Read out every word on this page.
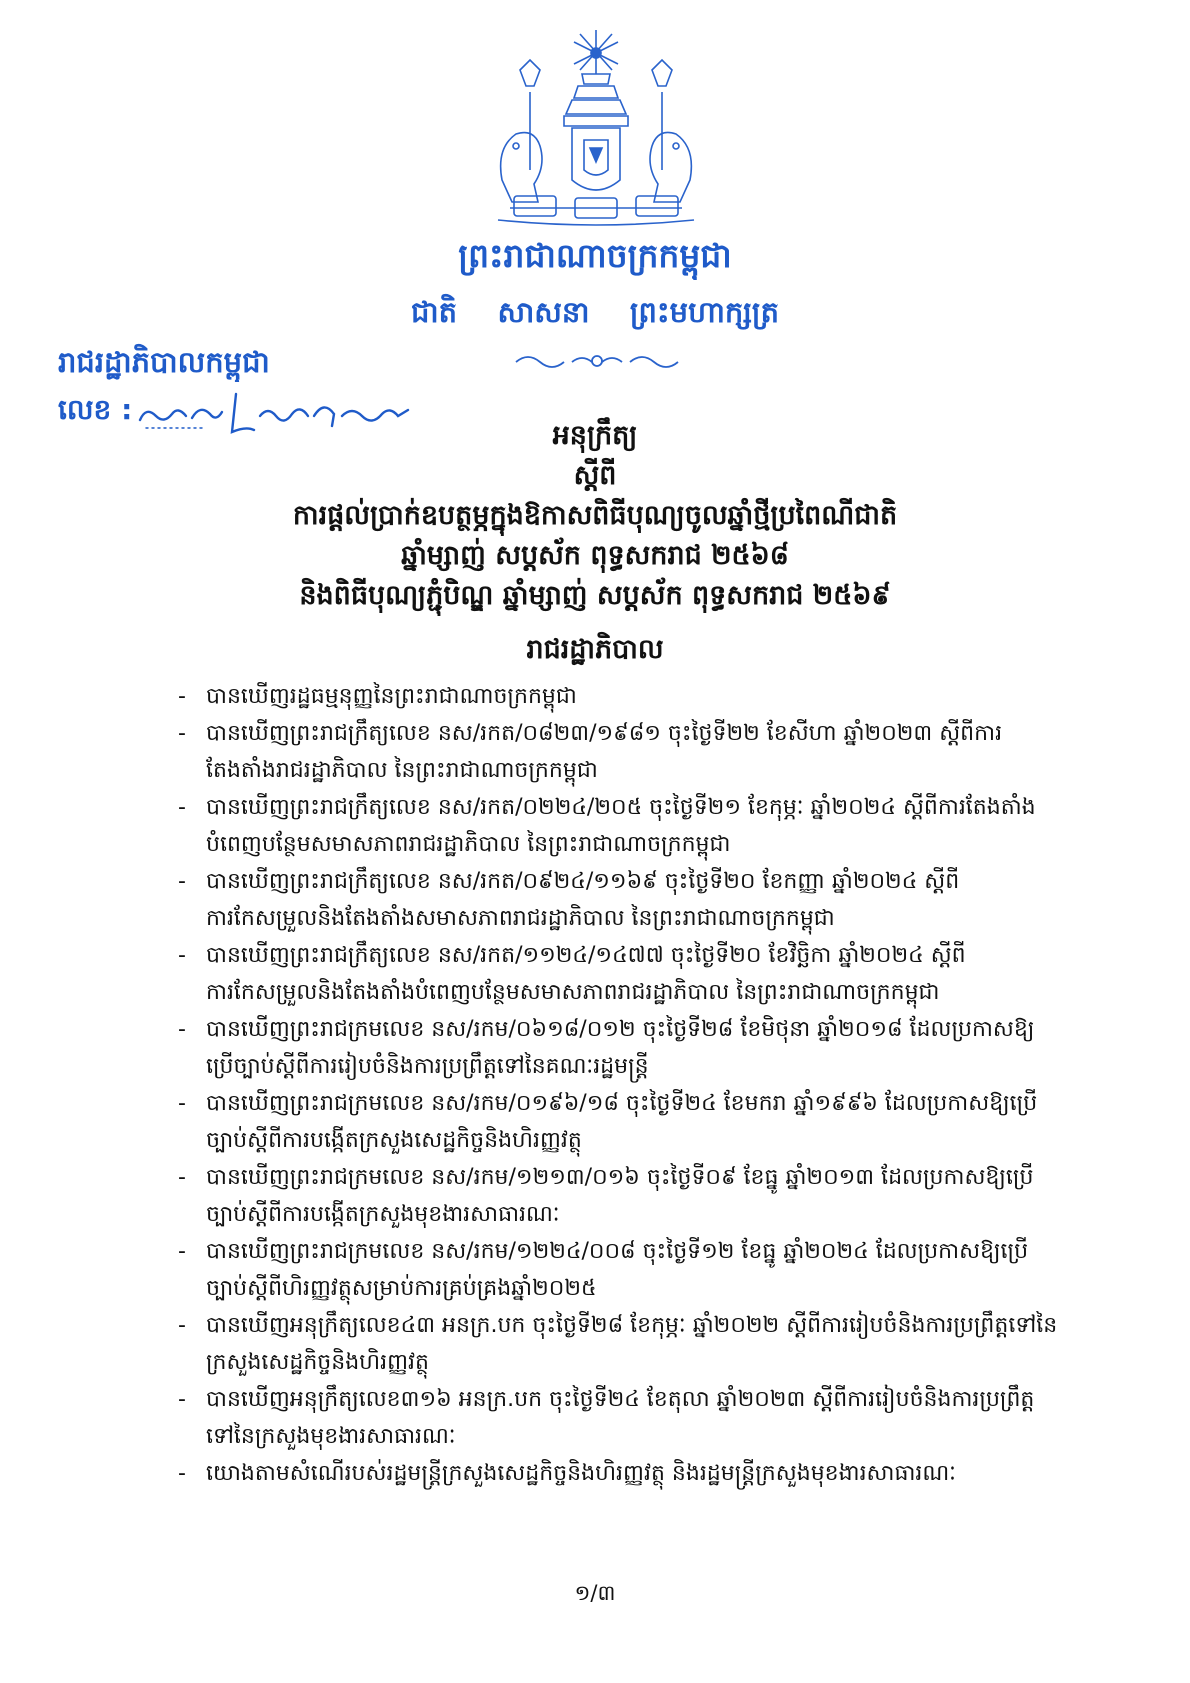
ព្រះរាជាណាចក្រកម្ពុជា
ជាតិ សាសនា ព្រះមហាក្សត្រ
រាជរដ្ឋាភិបាលកម្ពុជា
លេខ :
អនុក្រឹត្យ
ស្តីពី
ការផ្តល់ប្រាក់ឧបត្ថម្ភក្នុងឱកាសពិធីបុណ្យចូលឆ្នាំថ្មីប្រពៃណីជាតិ
ឆ្នាំម្សាញ់ សប្តស័ក ពុទ្ធសករាជ ២៥៦៨
និងពិធីបុណ្យភ្ជុំបិណ្ឌ ឆ្នាំម្សាញ់ សប្តស័ក ពុទ្ធសករាជ ២៥៦៩
រាជរដ្ឋាភិបាល
- បានឃើញរដ្ឋធម្មនុញ្ញនៃព្រះរាជាណាចក្រកម្ពុជា
- បានឃើញព្រះរាជក្រឹត្យលេខ នស/រកត/០៨២៣/១៩៨១ ចុះថ្ងៃទី២២ ខែសីហា ឆ្នាំ២០២៣ ស្តីពីការតែងតាំងរាជរដ្ឋាភិបាល នៃព្រះរាជាណាចក្រកម្ពុជា
- បានឃើញព្រះរាជក្រឹត្យលេខ នស/រកត/០២២៤/២០៥ ចុះថ្ងៃទី២១ ខែកុម្ភៈ ឆ្នាំ២០២៤ ស្តីពីការតែងតាំងបំពេញបន្ថែមសមាសភាពរាជរដ្ឋាភិបាល នៃព្រះរាជាណាចក្រកម្ពុជា
- បានឃើញព្រះរាជក្រឹត្យលេខ នស/រកត/០៩២៤/១១៦៩ ចុះថ្ងៃទី២០ ខែកញ្ញា ឆ្នាំ២០២៤ ស្តីពីការកែសម្រួលនិងតែងតាំងសមាសភាពរាជរដ្ឋាភិបាល នៃព្រះរាជាណាចក្រកម្ពុជា
- បានឃើញព្រះរាជក្រឹត្យលេខ នស/រកត/១១២៤/១៤៧៧ ចុះថ្ងៃទី២០ ខែវិច្ឆិកា ឆ្នាំ២០២៤ ស្តីពីការកែសម្រួលនិងតែងតាំងបំពេញបន្ថែមសមាសភាពរាជរដ្ឋាភិបាល នៃព្រះរាជាណាចក្រកម្ពុជា
- បានឃើញព្រះរាជក្រមលេខ នស/រកម/០៦១៨/០១២ ចុះថ្ងៃទី២៨ ខែមិថុនា ឆ្នាំ២០១៨ ដែលប្រកាសឱ្យប្រើច្បាប់ស្តីពីការរៀបចំនិងការប្រព្រឹត្តទៅនៃគណៈរដ្ឋមន្ត្រី
- បានឃើញព្រះរាជក្រមលេខ នស/រកម/០១៩៦/១៨ ចុះថ្ងៃទី២៤ ខែមករា ឆ្នាំ១៩៩៦ ដែលប្រកាសឱ្យប្រើច្បាប់ស្តីពីការបង្កើតក្រសួងសេដ្ឋកិច្ចនិងហិរញ្ញវត្ថុ
- បានឃើញព្រះរាជក្រមលេខ នស/រកម/១២១៣/០១៦ ចុះថ្ងៃទី០៩ ខែធ្នូ ឆ្នាំ២០១៣ ដែលប្រកាសឱ្យប្រើច្បាប់ស្តីពីការបង្កើតក្រសួងមុខងារសាធារណៈ
- បានឃើញព្រះរាជក្រមលេខ នស/រកម/១២២៤/០០៨ ចុះថ្ងៃទី១២ ខែធ្នូ ឆ្នាំ២០២៤ ដែលប្រកាសឱ្យប្រើច្បាប់ស្តីពីហិរញ្ញវត្ថុសម្រាប់ការគ្រប់គ្រងឆ្នាំ២០២៥
- បានឃើញអនុក្រឹត្យលេខ៤៣ អនក្រ.បក ចុះថ្ងៃទី២៨ ខែកុម្ភៈ ឆ្នាំ២០២២ ស្តីពីការរៀបចំនិងការប្រព្រឹត្តទៅនៃក្រសួងសេដ្ឋកិច្ចនិងហិរញ្ញវត្ថុ
- បានឃើញអនុក្រឹត្យលេខ៣១៦ អនក្រ.បក ចុះថ្ងៃទី២៤ ខែតុលា ឆ្នាំ២០២៣ ស្តីពីការរៀបចំនិងការប្រព្រឹត្តទៅនៃក្រសួងមុខងារសាធារណៈ
- យោងតាមសំណើរបស់រដ្ឋមន្ត្រីក្រសួងសេដ្ឋកិច្ចនិងហិរញ្ញវត្ថុ និងរដ្ឋមន្ត្រីក្រសួងមុខងារសាធារណៈ
១/៣
